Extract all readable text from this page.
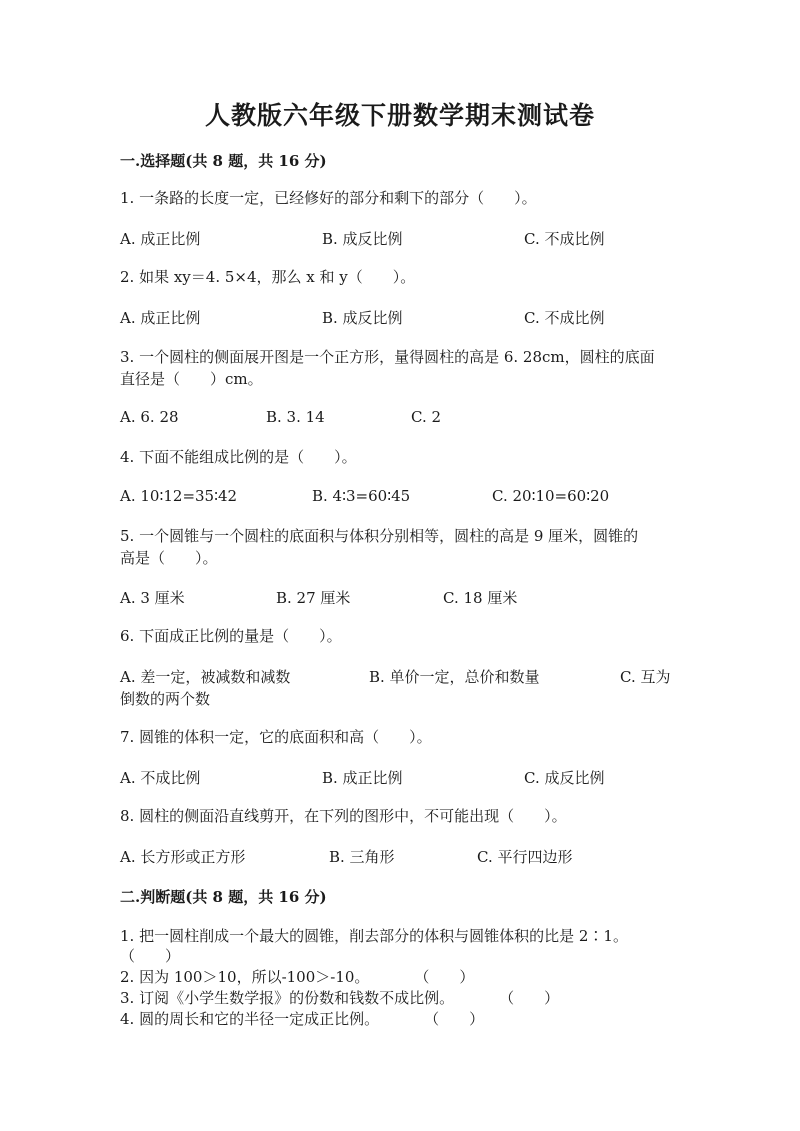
人教版六年级下册数学期末测试卷
一.选择题(共 8 题，共 16 分)
1. 一条路的长度一定，已经修好的部分和剩下的部分（　　）。
A. 成正比例	B. 成反比例	C. 不成比例
2. 如果 xy＝4. 5×4，那么 x 和 y（　　）。
A. 成正比例	B. 成反比例	C. 不成比例
3. 一个圆柱的侧面展开图是一个正方形，量得圆柱的高是 6. 28cm，圆柱的底面
直径是（　　）cm。
A. 6. 28	B. 3. 14	C. 2
4. 下面不能组成比例的是（　　）。
A. 10∶12=35∶42	B. 4∶3=60∶45	C. 20∶10=60∶20
5. 一个圆锥与一个圆柱的底面积与体积分别相等，圆柱的高是 9 厘米，圆锥的
高是（　　）。
A. 3 厘米	B. 27 厘米	C. 18 厘米
6. 下面成正比例的量是（　　）。
A. 差一定，被减数和减数	B. 单价一定，总价和数量	C. 互为
倒数的两个数
7. 圆锥的体积一定，它的底面积和高（　　）。
A. 不成比例	B. 成正比例	C. 成反比例
8. 圆柱的侧面沿直线剪开，在下列的图形中，不可能出现（　　）。
A. 长方形或正方形	B. 三角形	C. 平行四边形
二.判断题(共 8 题，共 16 分)
1. 把一圆柱削成一个最大的圆锥，削去部分的体积与圆锥体积的比是 2∶1。
（　　）
2. 因为 100＞10，所以-100＞-10。　　　　（　　）
3. 订阅《小学生数学报》的份数和钱数不成比例。　　　　（　　）
4. 圆的周长和它的半径一定成正比例。　　　　（　　）
